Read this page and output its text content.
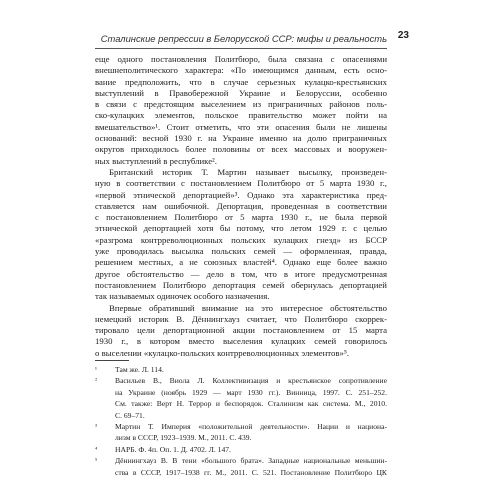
Сталинские репрессии в Белорусской ССР: мифы и реальность 23
еще одного постановления Политбюро, была связана с опасениями
внешнеполитического характера: «По имеющимся данным, есть осно-
вание предположить, что в случае серьезных кулацко-крестьянских
выступлений в Правобережной Украине и Белоруссии, особенно
в связи с предстоящим выселением из приграничных районов поль-
ско-кулацких элементов, польское правительство может пойти на
вмешательство»¹. Стоит отметить, что эти опасения были не лишены
оснований: весной 1930 г. на Украине именно на долю приграничных
округов приходилось более половины от всех массовых и вооружен-
ных выступлений в республике².
Британский историк Т. Мартин называет высылку, произведен-
ную в соответствии с постановлением Политбюро от 5 марта 1930 г.,
«первой этнической депортацией»³. Однако эта характеристика пред-
ставляется нам ошибочной. Депортация, проведенная в соответствии
с постановлением Политбюро от 5 марта 1930 г., не была первой
этнической депортацией хотя бы потому, что летом 1929 г. с целью
«разгрома контрреволюционных польских кулацких гнезд» из БССР
уже проводилась высылка польских семей — оформленная, правда,
решением местных, а не союзных властей⁴. Однако еще более важно
другое обстоятельство — дело в том, что в итоге предусмотренная
постановлением Политбюро депортация семей обернулась депортацией
так называемых одиночек особого назначения.
Впервые обративший внимание на это интересное обстоятельство
немецкий историк В. Дённингхауз считает, что Политбюро скоррек-
тировало цели депортационной акции постановлением от 15 марта
1930 г., в котором вместо выселения кулацких семей говорилось
о выселении «кулацко-польских контрреволюционных элементов»⁵.
¹	Там же. Л. 114.
²	Васильев В., Виола Л. Коллективизация и крестьянское сопротивление
на Украине (ноябрь 1929 — март 1930 гг.). Винница, 1997. С. 251–252.
См. также: Верт Н. Террор и беспорядок. Сталинизм как система. М., 2010.
С. 69–71.
³	Мартин Т. Империя «положительной деятельности». Нации и национа-
лизм в СССР, 1923–1939. М., 2011. С. 439.
⁴	НАРБ. Ф. 4п. Оп. 1. Д. 4702. Л. 147.
⁵	Дённингхауз В. В тени «большого брата». Западные национальные меньшин-
ства в СССР, 1917–1938 гг. М., 2011. С. 521. Постановление Политбюро ЦК
